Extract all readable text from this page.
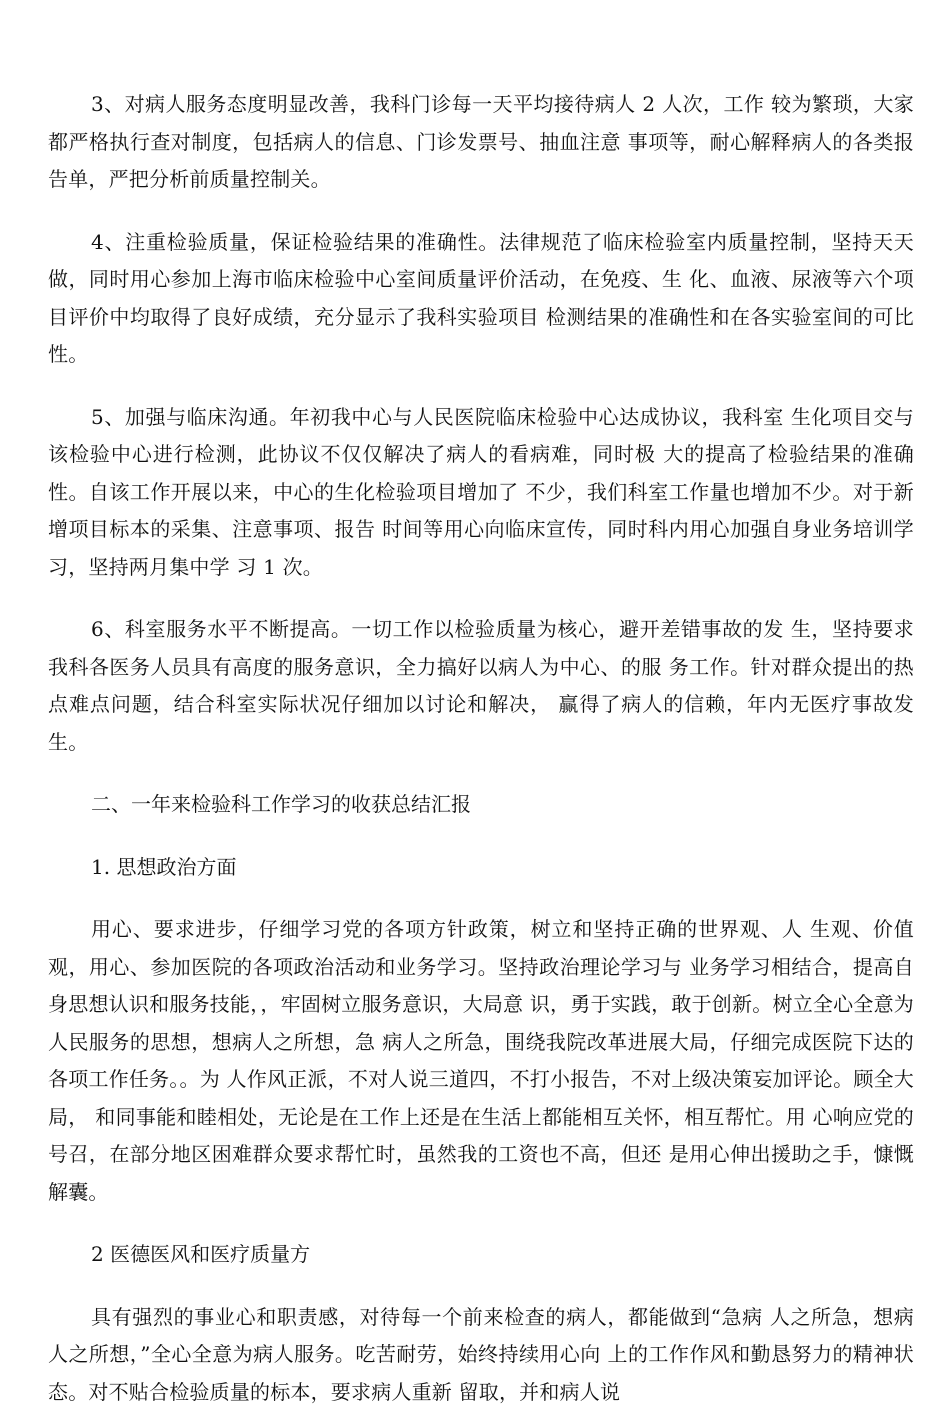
3、对病人服务态度明显改善，我科门诊每一天平均接待病人 2 人次，工作 较为繁琐，大家都严格执行查对制度，包括病人的信息、门诊发票号、抽血注意 事项等，耐心解释病人的各类报告单，严把分析前质量控制关。

4、注重检验质量，保证检验结果的准确性。法律规范了临床检验室内质量控制，坚持天天做，同时用心参加上海市临床检验中心室间质量评价活动，在免疫、生 化、血液、尿液等六个项目评价中均取得了良好成绩，充分显示了我科实验项目 检测结果的准确性和在各实验室间的可比性。

5、加强与临床沟通。年初我中心与人民医院临床检验中心达成协议，我科室 生化项目交与该检验中心进行检测，此协议不仅仅解决了病人的看病难，同时极 大的提高了检验结果的准确性。自该工作开展以来，中心的生化检验项目增加了 不少，我们科室工作量也增加不少。对于新增项目标本的采集、注意事项、报告 时间等用心向临床宣传，同时科内用心加强自身业务培训学习，坚持两月集中学 习 1 次。

6、科室服务水平不断提高。一切工作以检验质量为核心，避开差错事故的发 生，坚持要求我科各医务人员具有高度的服务意识，全力搞好以病人为中心、的服 务工作。针对群众提出的热点难点问题，结合科室实际状况仔细加以讨论和解决， 赢得了病人的信赖，年内无医疗事故发生。

二、一年来检验科工作学习的收获总结汇报

1. 思想政治方面

用心、要求进步，仔细学习党的各项方针政策，树立和坚持正确的世界观、人 生观、价值观，用心、参加医院的各项政治活动和业务学习。坚持政治理论学习与 业务学习相结合，提高自身思想认识和服务技能，，牢固树立服务意识，大局意 识，勇于实践，敢于创新。树立全心全意为人民服务的思想，想病人之所想，急 病人之所急，围绕我院改革进展大局，仔细完成医院下达的各项工作任务。。为 人作风正派，不对人说三道四，不打小报告，不对上级决策妄加评论。顾全大局， 和同事能和睦相处，无论是在工作上还是在生活上都能相互关怀，相互帮忙。用 心响应党的号召，在部分地区困难群众要求帮忙时，虽然我的工资也不高，但还 是用心伸出援助之手，慷慨解囊。

2 医德医风和医疗质量方

具有强烈的事业心和职责感，对待每一个前来检查的病人，都能做到“急病 人之所急，想病人之所想，”全心全意为病人服务。吃苦耐劳，始终持续用心向 上的工作作风和勤恳努力的精神状态。对不贴合检验质量的标本，要求病人重新 留取，并和病人说
